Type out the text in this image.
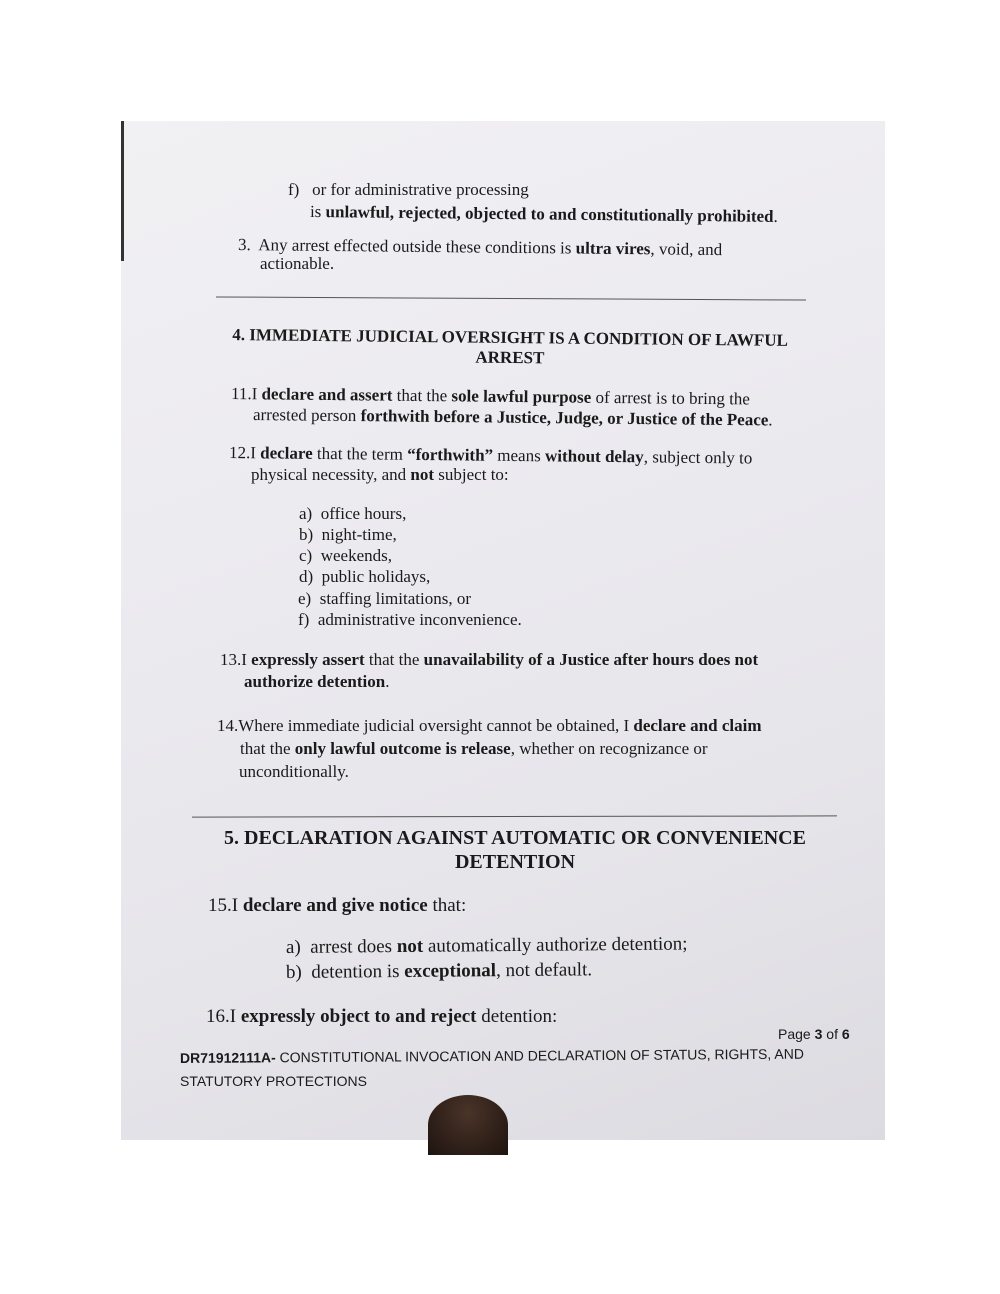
f) or for administrative processing
is unlawful, rejected, objected to and constitutionally prohibited.
3. Any arrest effected outside these conditions is ultra vires, void, and
actionable.
4. IMMEDIATE JUDICIAL OVERSIGHT IS A CONDITION OF LAWFUL
ARREST
11.I declare and assert that the sole lawful purpose of arrest is to bring the
arrested person forthwith before a Justice, Judge, or Justice of the Peace.
12.I declare that the term “forthwith” means without delay, subject only to
physical necessity, and not subject to:
a) office hours,
b) night-time,
c) weekends,
d) public holidays,
e) staffing limitations, or
f) administrative inconvenience.
13.I expressly assert that the unavailability of a Justice after hours does not
authorize detention.
14.Where immediate judicial oversight cannot be obtained, I declare and claim
that the only lawful outcome is release, whether on recognizance or
unconditionally.
5. DECLARATION AGAINST AUTOMATIC OR CONVENIENCE
DETENTION
15.I declare and give notice that:
a) arrest does not automatically authorize detention;
b) detention is exceptional, not default.
16.I expressly object to and reject detention:
Page 3 of 6
DR71912111A- CONSTITUTIONAL INVOCATION AND DECLARATION OF STATUS, RIGHTS, AND
STATUTORY PROTECTIONS
